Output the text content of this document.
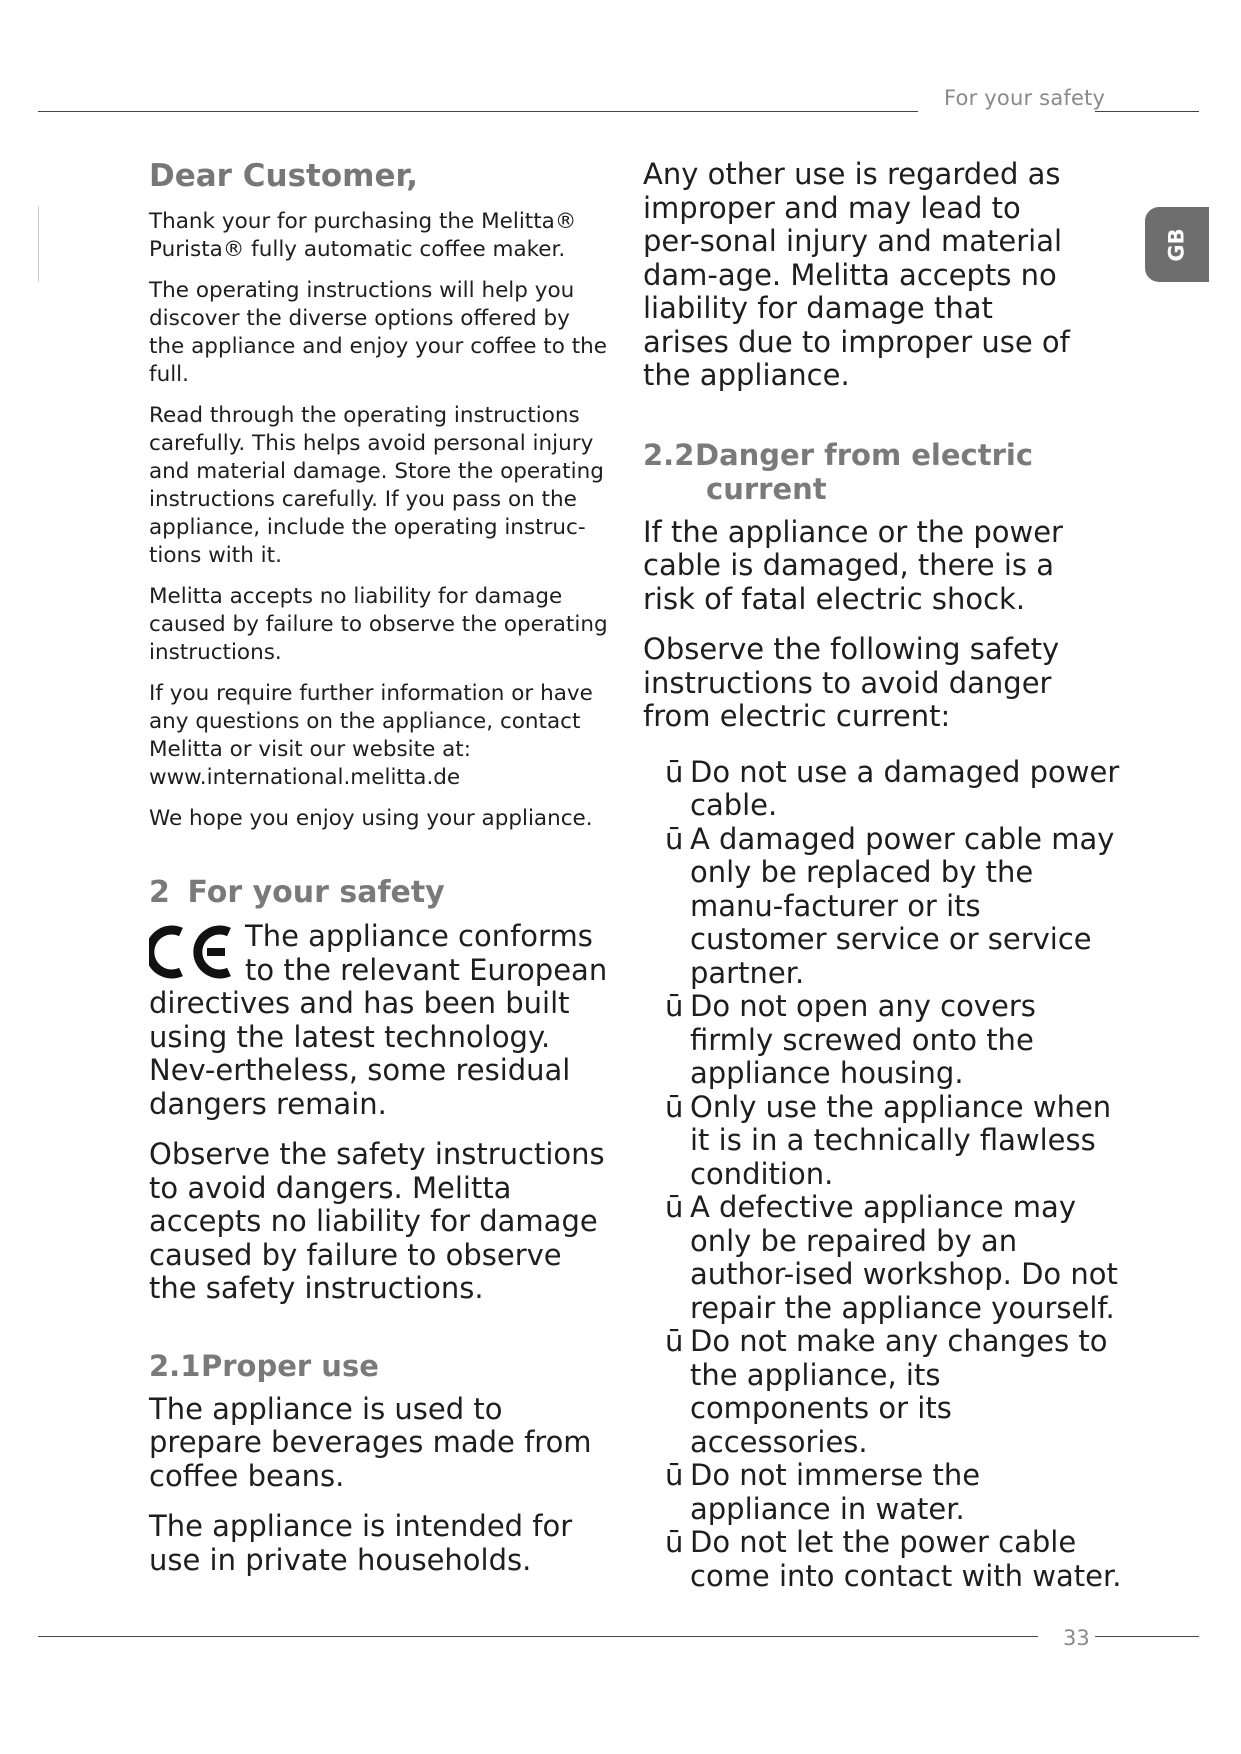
For your safety
GB
33

Dear Customer,

Thank your for purchasing the Melitta®  Purista® fully automatic coffee maker.

The operating instructions will help you discover the diverse options offered by the appliance and enjoy your coffee to the full.

Read through the operating instructions carefully. This helps avoid personal injury and material damage. Store the operating instructions carefully. If you pass on the appliance, include the operating instruc-tions with it.

Melitta accepts no liability for damage caused by failure to observe the operating instructions.

If you require further information or have any questions on the appliance, contact Melitta or visit our website at: www.international.melitta.de

We hope you enjoy using your appliance.

2 For your safety

The appliance conforms to the relevant European directives and has been built using the latest technology. Nev-ertheless, some residual dangers remain.

Observe the safety instructions to avoid dangers. Melitta accepts no liability for damage caused by failure to observe the safety instructions.

2.1Proper use

The appliance is used to prepare beverages made from coffee beans.

The appliance is intended for use in private households.

Any other use is regarded as improper and may lead to per-sonal injury and material dam-age. Melitta accepts no liability for damage that arises due to improper use of the appliance.

2.2Danger from electric
current

If the appliance or the power cable is damaged, there is a risk of fatal electric shock.

Observe the following safety instructions to avoid danger from electric current:

ū Do not use a damaged power cable.
ū A damaged power cable may only be replaced by the manu-facturer or its customer service or service partner.
ū Do not open any covers firmly screwed onto the appliance housing.
ū Only use the appliance when it is in a technically flawless condition.
ū A defective appliance may only be repaired by an author-ised workshop. Do not repair the appliance yourself.
ū Do not make any changes to the appliance, its components or its accessories.
ū Do not immerse the appliance in water.
ū Do not let the power cable come into contact with water.
